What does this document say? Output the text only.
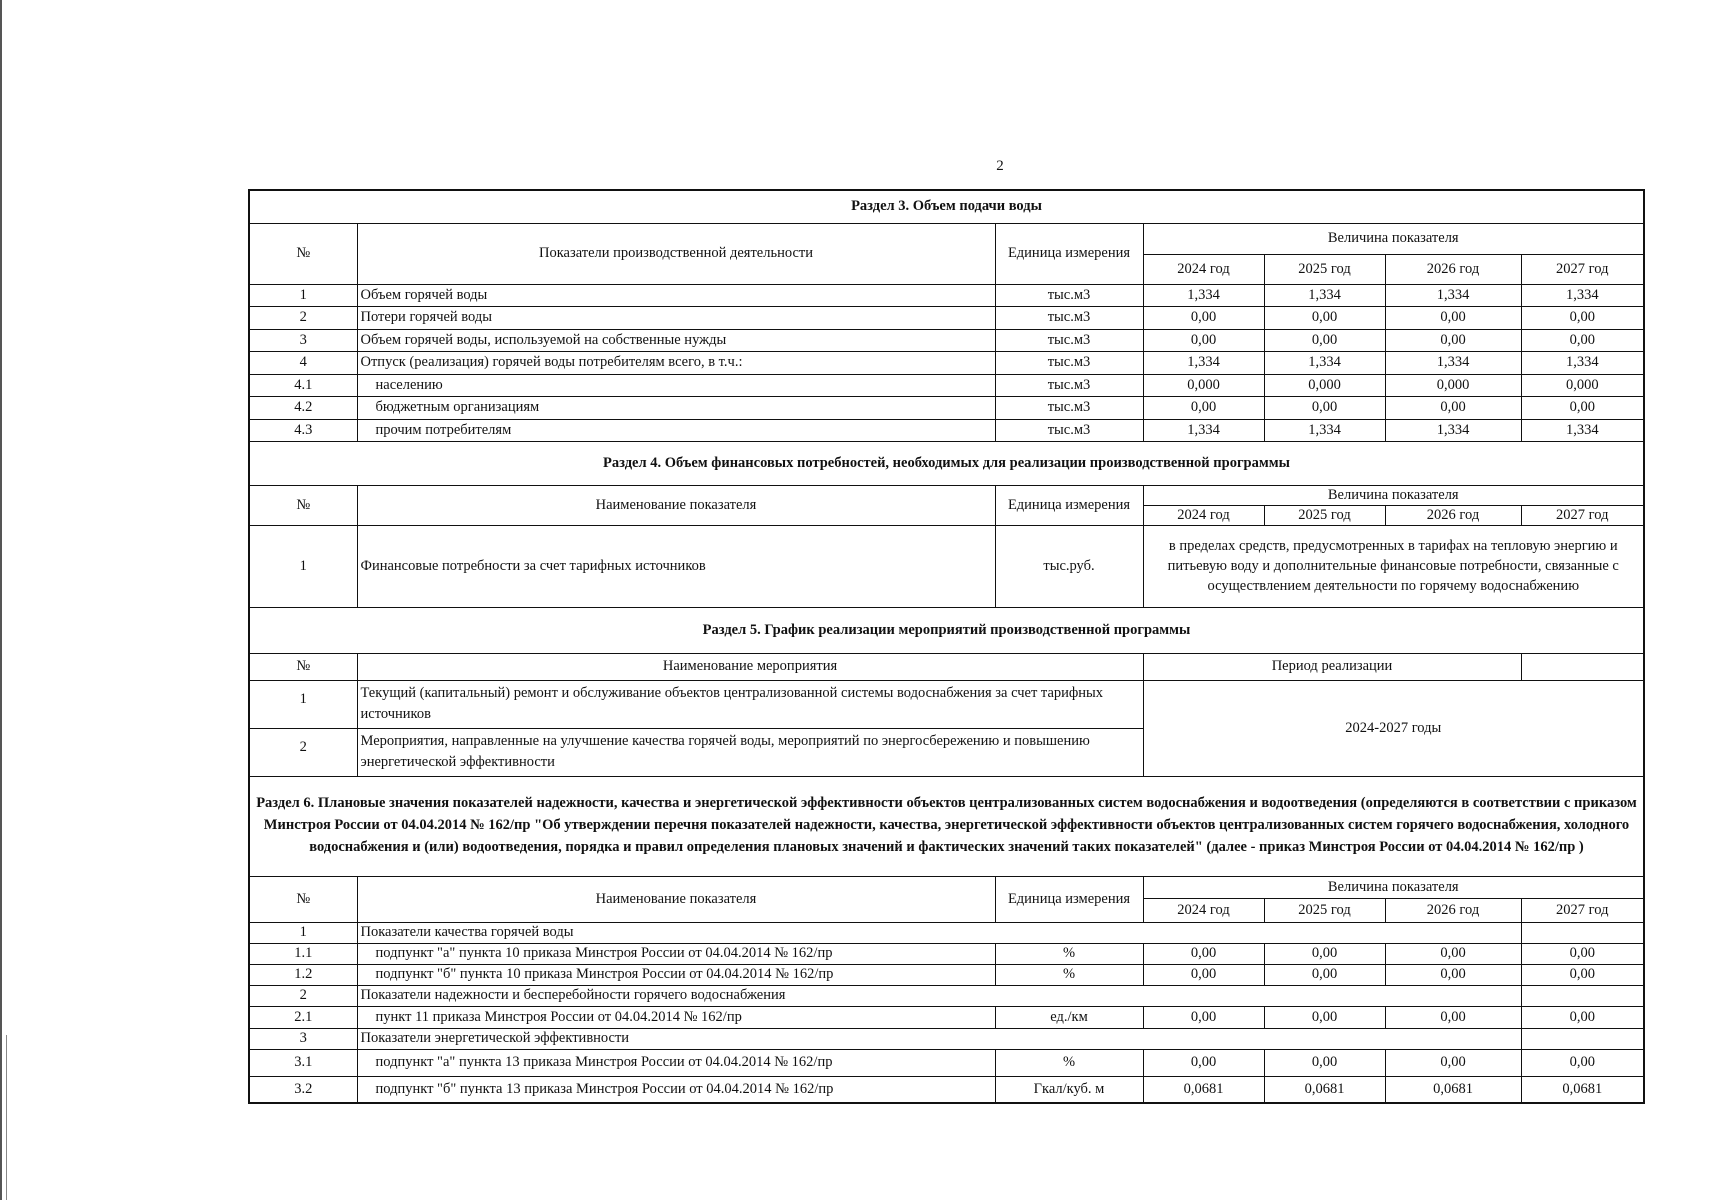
2
Раздел 3. Объем подачи воды						
№	Показатели производственной деятельности	Единица измерения	Величина показателя			
			2024 год	2025 год	2026 год	2027 год
1	Объем горячей воды	тыс.м3	1,334	1,334	1,334	1,334
2	Потери горячей воды	тыс.м3	0,00	0,00	0,00	0,00
3	Объем горячей воды, используемой на собственные нужды	тыс.м3	0,00	0,00	0,00	0,00
4	Отпуск (реализация) горячей воды потребителям всего, в т.ч.:	тыс.м3	1,334	1,334	1,334	1,334
4.1	населению	тыс.м3	0,000	0,000	0,000	0,000
4.2	бюджетным организациям	тыс.м3	0,00	0,00	0,00	0,00
4.3	прочим потребителям	тыс.м3	1,334	1,334	1,334	1,334
Раздел 4. Объем финансовых потребностей, необходимых для реализации производственной программы						
№	Наименование показателя	Единица измерения	Величина показателя			
			2024 год	2025 год	2026 год	2027 год
1	Финансовые потребности за счет тарифных источников	тыс.руб.	в пределах средств, предусмотренных в тарифах на тепловую энергию и питьевую воду и дополнительные финансовые потребности, связанные с осуществлением деятельности по горячему водоснабжению			
Раздел 5. График реализации мероприятий производственной программы						
№	Наименование мероприятия		Период реализации			
1	Текущий (капитальный) ремонт и обслуживание объектов централизованной системы водоснабжения за счет тарифных источников		2024-2027 годы			
2	Мероприятия, направленные на улучшение качества горячей воды, мероприятий по энергосбережению и повышению энергетической эффективности					
Раздел 6. Плановые значения показателей надежности, качества и энергетической эффективности объектов централизованных систем водоснабжения и водоотведения (определяются в соответствии с приказом Минстроя России от 04.04.2014 № 162/пр "Об утверждении перечня показателей надежности, качества, энергетической эффективности объектов централизованных систем горячего водоснабжения, холодного водоснабжения и (или) водоотведения, порядка и правил определения плановых значений и фактических значений таких показателей" (далее - приказ Минстроя России от 04.04.2014 № 162/пр )						
№	Наименование показателя	Единица измерения	Величина показателя			
			2024 год	2025 год	2026 год	2027 год
1	Показатели качества горячей воды					
1.1	подпункт "а" пункта 10 приказа Минстроя России от 04.04.2014 № 162/пр	%	0,00	0,00	0,00	0,00
1.2	подпункт "б" пункта 10 приказа Минстроя России от 04.04.2014 № 162/пр	%	0,00	0,00	0,00	0,00
2	Показатели надежности и бесперебойности горячего водоснабжения					
2.1	пункт 11 приказа Минстроя России от 04.04.2014 № 162/пр	ед./км	0,00	0,00	0,00	0,00
3	Показатели энергетической эффективности					
3.1	подпункт "а" пункта 13 приказа Минстроя России от 04.04.2014 № 162/пр	%	0,00	0,00	0,00	0,00
3.2	подпункт "б" пункта 13 приказа Минстроя России от 04.04.2014 № 162/пр	Гкал/куб. м	0,0681	0,0681	0,0681	0,0681
